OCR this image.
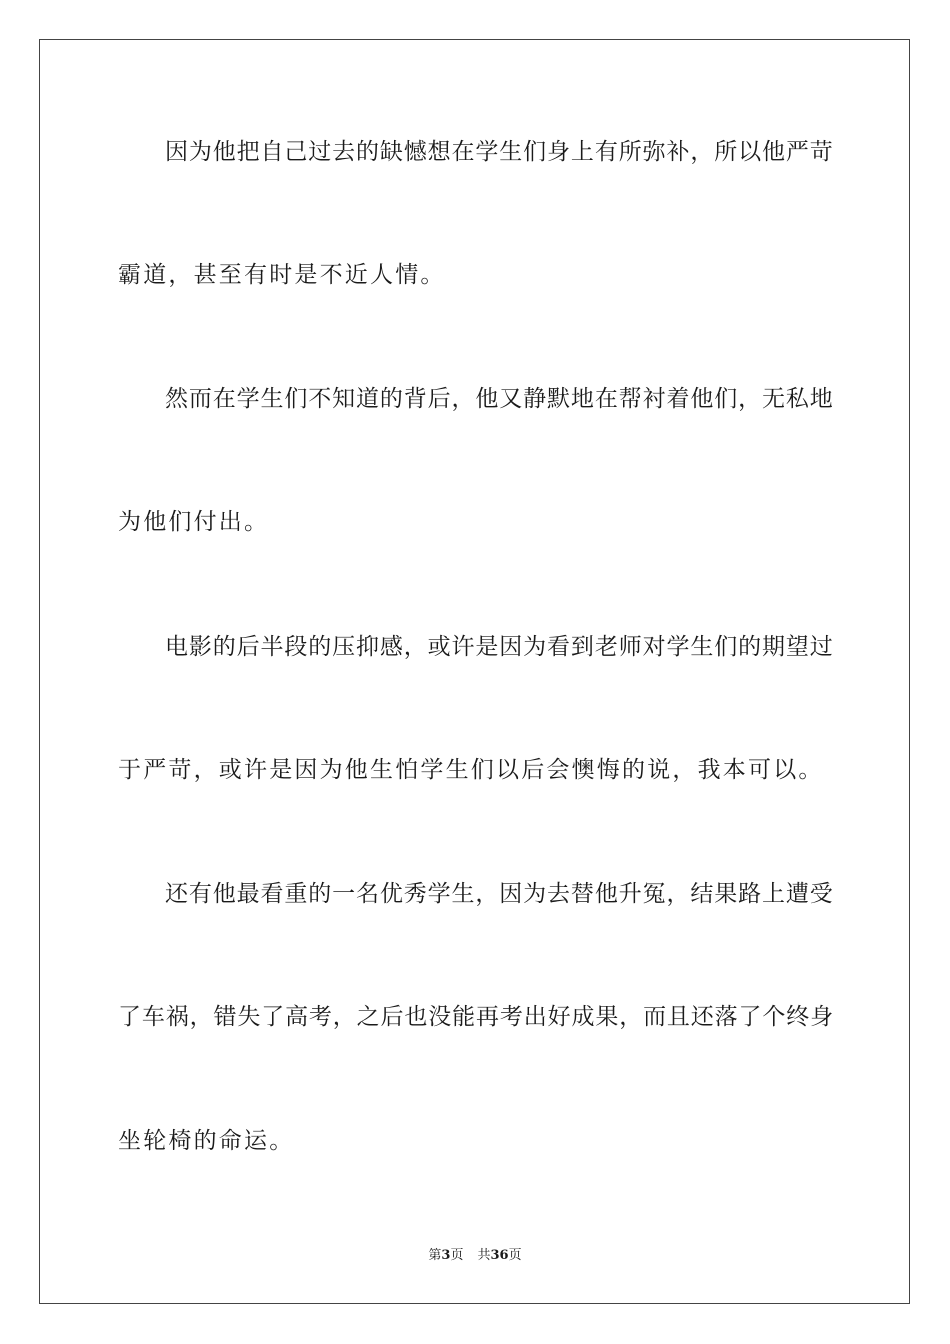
因为他把自己过去的缺憾想在学生们身上有所弥补，所以他严苛
霸道，甚至有时是不近人情。
然而在学生们不知道的背后，他又静默地在帮衬着他们，无私地
为他们付出。
电影的后半段的压抑感，或许是因为看到老师对学生们的期望过
于严苛，或许是因为他生怕学生们以后会懊悔的说，我本可以。
还有他最看重的一名优秀学生，因为去替他升冤，结果路上遭受
了车祸，错失了高考，之后也没能再考出好成果，而且还落了个终身
坐轮椅的命运。
第3页 共36页
